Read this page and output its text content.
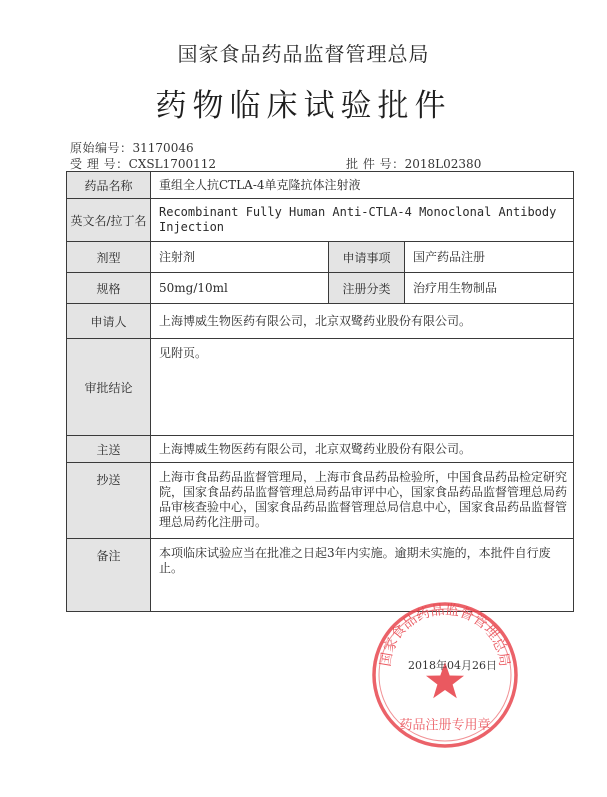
国家食品药品监督管理总局
药物临床试验批件
原始编号：31170046
受 理 号：CXSL1700112	批 件 号：2018L02380
药品名称	重组全人抗CTLA-4单克隆抗体注射液		
英文名/拉丁名	Recombinant Fully Human Anti-CTLA-4 Monoclonal Antibody Injection		
剂型	注射剂	申请事项	国产药品注册
规格	50mg/10ml	注册分类	治疗用生物制品
申请人	上海博威生物医药有限公司，北京双鹭药业股份有限公司。		
审批结论	见附页。		
主送	上海博威生物医药有限公司，北京双鹭药业股份有限公司。		
抄送	上海市食品药品监督管理局，上海市食品药品检验所，中国食品药品检定研究院，国家食品药品监督管理总局药品审评中心，国家食品药品监督管理总局药品审核查验中心，国家食品药品监督管理总局信息中心，国家食品药品监督管理总局药化注册司。		
备注	本项临床试验应当在批准之日起3年内实施。逾期未实施的，本批件自行废止。		
国家食品药品监督管理总局
药品注册专用章
2018年04月26日
